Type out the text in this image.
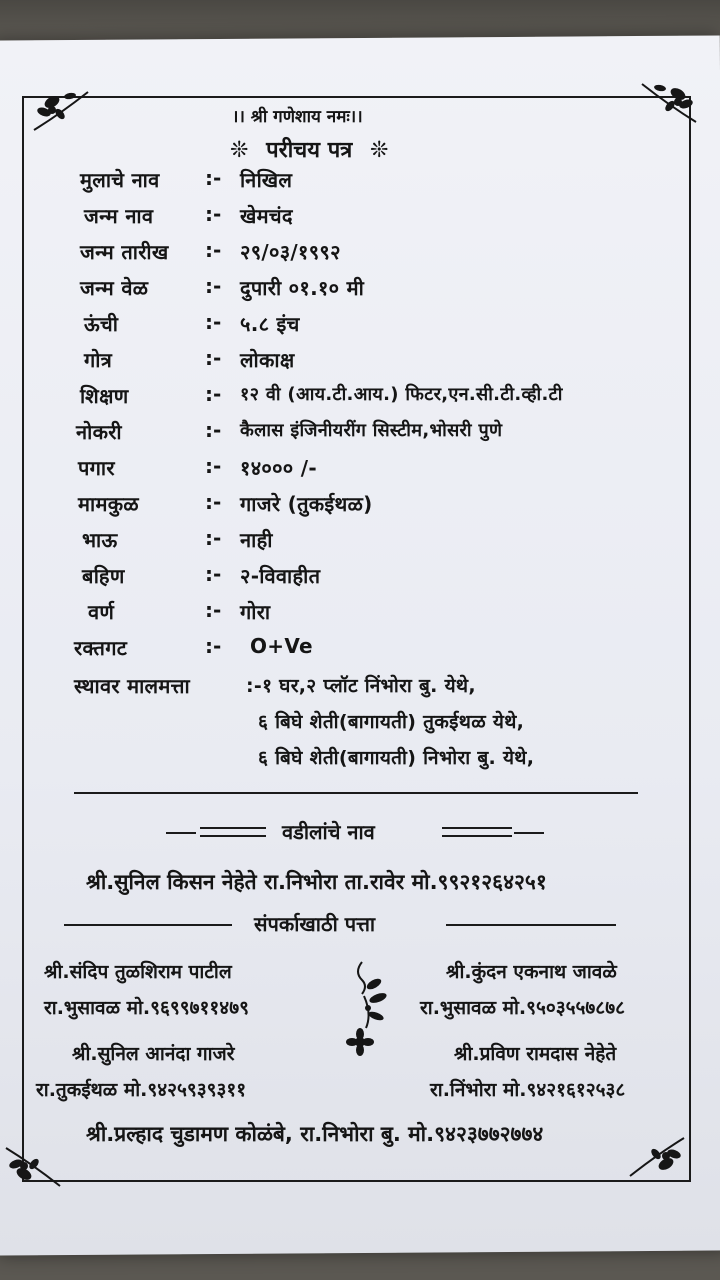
।। श्री गणेशाय नमः।।
❊ परीचय पत्र ❊
मुलाचे नाव :- निखिल
जन्म नाव	:- खेमचंद
जन्म तारीख :- २९/०३/१९९२
जन्म वेळ	:- दुपारी ०१.१० मी
ऊंची	:- ५.८ इंच
गोत्र	:- लोकाक्ष
शिक्षण	:- १२ वी (आय.टी.आय.) फिटर,एन.सी.टी.व्ही.टी
नोकरी	:- कैलास इंजिनीयरींग सिस्टीम,भोसरी पुणे
पगार	:- १४००० /-
मामकुळ	:- गाजरे (तुकईथळ)
भाऊ	:- नाही
बहिण	:- २-विवाहीत
वर्ण	:- गोरा
रक्तगट	:- O+Ve
स्थावर मालमत्ता	:-१ घर,२ प्लॉट निंभोरा बु. येथे,
६ बिघे शेती(बागायती) तुकईथळ येथे,
६ बिघे शेती(बागायती) निभोरा बु. येथे,
वडीलांचे नाव
श्री.सुनिल किसन नेहेते रा.निभोरा ता.रावेर मो.९९२१२६४२५१
संपर्काखाठी पत्ता
श्री.संदिप तुळशिराम पाटील
रा.भुसावळ मो.९६९९७११४७९
श्री.सुनिल आनंदा गाजरे
रा.तुकईथळ मो.९४२५९३९३११
श्री.कुंदन एकनाथ जावळे
रा.भुसावळ मो.९५०३५५७८७८
श्री.प्रविण रामदास नेहेते
रा.निंभोरा मो.९४२१६१२५३८
श्री.प्रल्हाद चुडामण कोळंबे, रा.निभोरा बु. मो.९४२३७७२७७४
